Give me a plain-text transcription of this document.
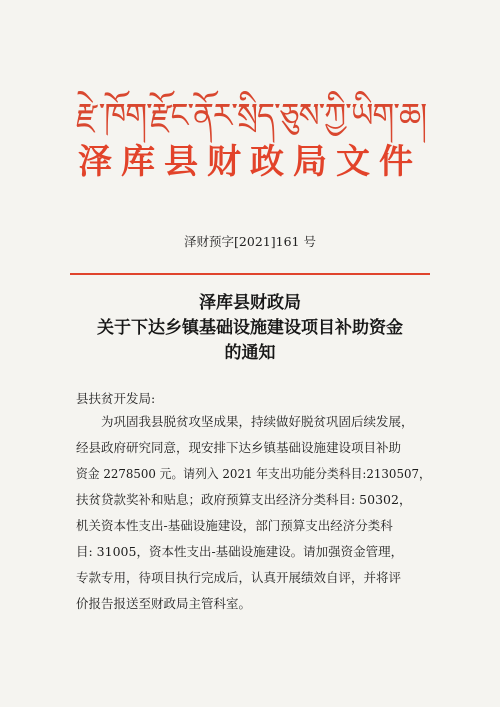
རྫེ་ཁོག་རྫོང་ནོར་སྲིད་ཅུས་ཀྱི་ཡིག་ཆ།
泽库县财政局文件
泽财预字[2021]161 号
泽库县财政局
关于下达乡镇基础设施建设项目补助资金
的通知
县扶贫开发局:
为巩固我县脱贫攻坚成果，持续做好脱贫巩固后续发展，
经县政府研究同意，现安排下达乡镇基础设施建设项目补助
资金 2278500 元。请列入 2021 年支出功能分类科目:2130507，
扶贫贷款奖补和贴息；政府预算支出经济分类科目: 50302，
机关资本性支出-基础设施建设，部门预算支出经济分类科
目: 31005，资本性支出-基础设施建设。请加强资金管理，
专款专用，待项目执行完成后，认真开展绩效自评，并将评
价报告报送至财政局主管科室。
